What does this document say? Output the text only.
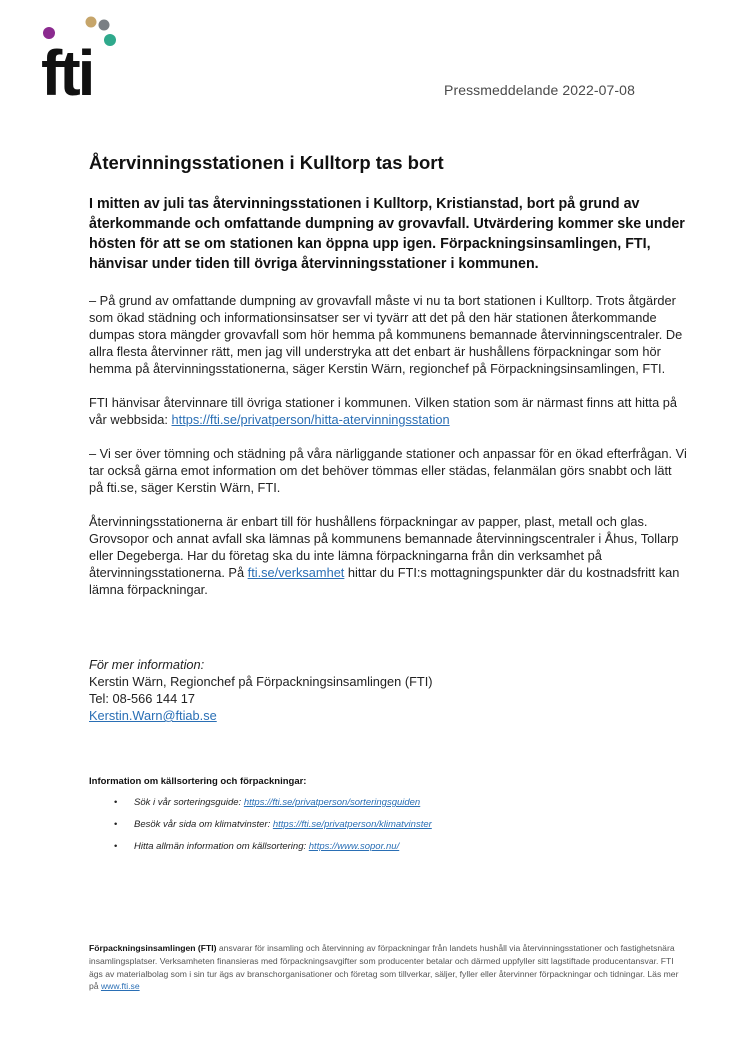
fti	Pressmeddelande 2022-07-08
Återvinningsstationen i Kulltorp tas bort

I mitten av juli tas återvinningsstationen i Kulltorp, Kristianstad, bort på grund av återkommande och omfattande dumpning av grovavfall. Utvärdering kommer ske under hösten för att se om stationen kan öppna upp igen. Förpackningsinsamlingen, FTI, hänvisar under tiden till övriga återvinningsstationer i kommunen.

– På grund av omfattande dumpning av grovavfall måste vi nu ta bort stationen i Kulltorp. Trots åtgärder som ökad städning och informationsinsatser ser vi tyvärr att det på den här stationen återkommande dumpas stora mängder grovavfall som hör hemma på kommunens bemannade återvinningscentraler. De allra flesta återvinner rätt, men jag vill understryka att det enbart är hushållens förpackningar som hör hemma på återvinningsstationerna, säger Kerstin Wärn, regionchef på Förpackningsinsamlingen, FTI.

FTI hänvisar återvinnare till övriga stationer i kommunen. Vilken station som är närmast finns att hitta på vår webbsida: https://fti.se/privatperson/hitta-atervinningsstation

– Vi ser över tömning och städning på våra närliggande stationer och anpassar för en ökad efterfrågan. Vi tar också gärna emot information om det behöver tömmas eller städas, felanmälan görs snabbt och lätt på fti.se, säger Kerstin Wärn, FTI.

Återvinningsstationerna är enbart till för hushållens förpackningar av papper, plast, metall och glas. Grovsopor och annat avfall ska lämnas på kommunens bemannade återvinningscentraler i Åhus, Tollarp eller Degeberga. Har du företag ska du inte lämna förpackningarna från din verksamhet på återvinningsstationerna. På fti.se/verksamhet hittar du FTI:s mottagningspunkter där du kostnadsfritt kan lämna förpackningar.

För mer information:
Kerstin Wärn, Regionchef på Förpackningsinsamlingen (FTI)
Tel: 08-566 144 17
Kerstin.Warn@ftiab.se
Information om källsortering och förpackningar:
• Sök i vår sorteringsguide: https://fti.se/privatperson/sorteringsguiden
• Besök vår sida om klimatvinster: https://fti.se/privatperson/klimatvinster
• Hitta allmän information om källsortering: https://www.sopor.nu/
Förpackningsinsamlingen (FTI) ansvarar för insamling och återvinning av förpackningar från landets hushåll via återvinningsstationer och fastighetsnära insamlingsplatser. Verksamheten finansieras med förpackningsavgifter som producenter betalar och därmed uppfyller sitt lagstiftade producentansvar. FTI ägs av materialbolag som i sin tur ägs av branschorganisationer och företag som tillverkar, säljer, fyller eller återvinner förpackningar och tidningar. Läs mer på www.fti.se
